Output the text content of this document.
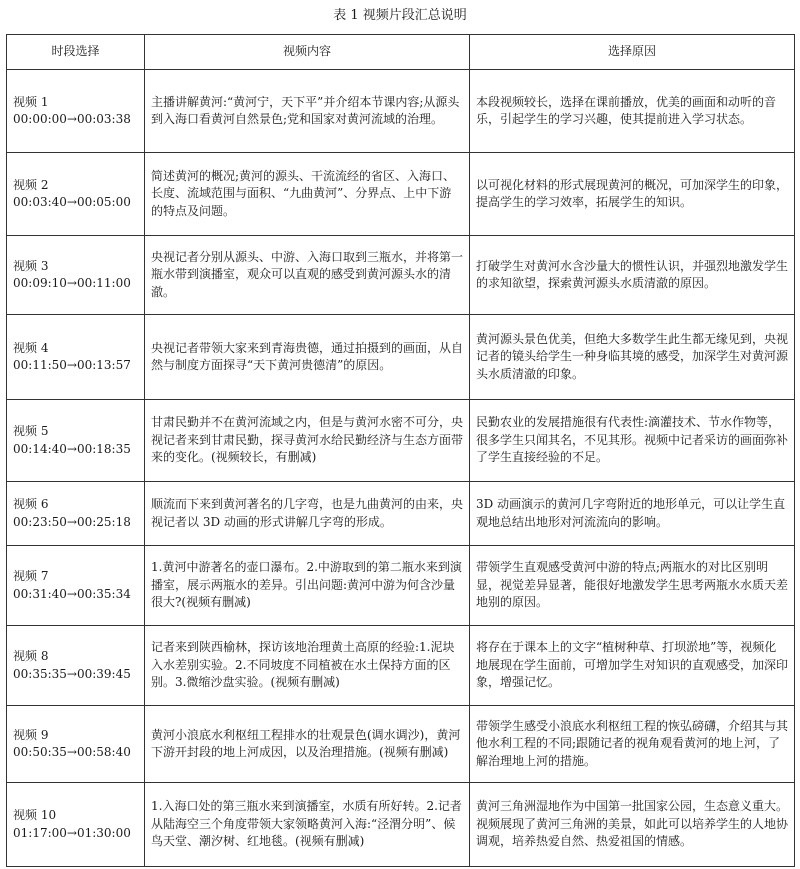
表 1 视频片段汇总说明
时段选择	视频内容	选择原因

视频 1
00:00:00→00:03:38	主播讲解黄河:“黄河宁，天下平”并介绍本节课内容;从源头到入海口看黄河自然景色;党和国家对黄河流域的治理。	本段视频较长，选择在课前播放，优美的画面和动听的音乐，引起学生的学习兴趣，使其提前进入学习状态。

视频 2
00:03:40→00:05:00	简述黄河的概况;黄河的源头、干流流经的省区、入海口、长度、流域范围与面积、“九曲黄河”、分界点、上中下游的特点及问题。	以可视化材料的形式展现黄河的概况，可加深学生的印象，提高学生的学习效率，拓展学生的知识。

视频 3
00:09:10→00:11:00	央视记者分别从源头、中游、入海口取到三瓶水，并将第一瓶水带到演播室，观众可以直观的感受到黄河源头水的清澈。	打破学生对黄河水含沙量大的惯性认识，并强烈地激发学生的求知欲望，探索黄河源头水质清澈的原因。

视频 4
00:11:50→00:13:57	央视记者带领大家来到青海贵德，通过拍摄到的画面，从自然与制度方面探寻“天下黄河贵德清”的原因。	黄河源头景色优美，但绝大多数学生此生都无缘见到，央视记者的镜头给学生一种身临其境的感受，加深学生对黄河源头水质清澈的印象。

视频 5
00:14:40→00:18:35	甘肃民勤并不在黄河流域之内，但是与黄河水密不可分，央视记者来到甘肃民勤，探寻黄河水给民勤经济与生态方面带来的变化。(视频较长，有删减)	民勤农业的发展措施很有代表性:滴灌技术、节水作物等，很多学生只闻其名，不见其形。视频中记者采访的画面弥补了学生直接经验的不足。

视频 6
00:23:50→00:25:18	顺流而下来到黄河著名的几字弯，也是九曲黄河的由来，央视记者以 3D 动画的形式讲解几字弯的形成。	3D 动画演示的黄河几字弯附近的地形单元，可以让学生直观地总结出地形对河流流向的影响。

视频 7
00:31:40→00:35:34	1.黄河中游著名的壶口瀑布。2.中游取到的第二瓶水来到演播室，展示两瓶水的差异。引出问题:黄河中游为何含沙量很大?(视频有删减)	带领学生直观感受黄河中游的特点;两瓶水的对比区别明显，视觉差异显著，能很好地激发学生思考两瓶水水质天差地别的原因。

视频 8
00:35:35→00:39:45	记者来到陕西榆林，探访该地治理黄土高原的经验:1.泥块入水差别实验。2.不同坡度不同植被在水土保持方面的区别。3.微缩沙盘实验。(视频有删减)	将存在于课本上的文字“植树种草、打坝淤地”等，视频化地展现在学生面前，可增加学生对知识的直观感受，加深印象，增强记忆。

视频 9
00:50:35→00:58:40	黄河小浪底水利枢纽工程排水的壮观景色(调水调沙)，黄河下游开封段的地上河成因，以及治理措施。(视频有删减)	带领学生感受小浪底水利枢纽工程的恢弘磅礴，介绍其与其他水利工程的不同;跟随记者的视角观看黄河的地上河，了解治理地上河的措施。

视频 10
01:17:00→01:30:00	1.入海口处的第三瓶水来到演播室，水质有所好转。2.记者从陆海空三个角度带领大家领略黄河入海:“泾渭分明”、候鸟天堂、潮汐树、红地毯。(视频有删减)	黄河三角洲湿地作为中国第一批国家公园，生态意义重大。视频展现了黄河三角洲的美景，如此可以培养学生的人地协调观，培养热爱自然、热爱祖国的情感。
